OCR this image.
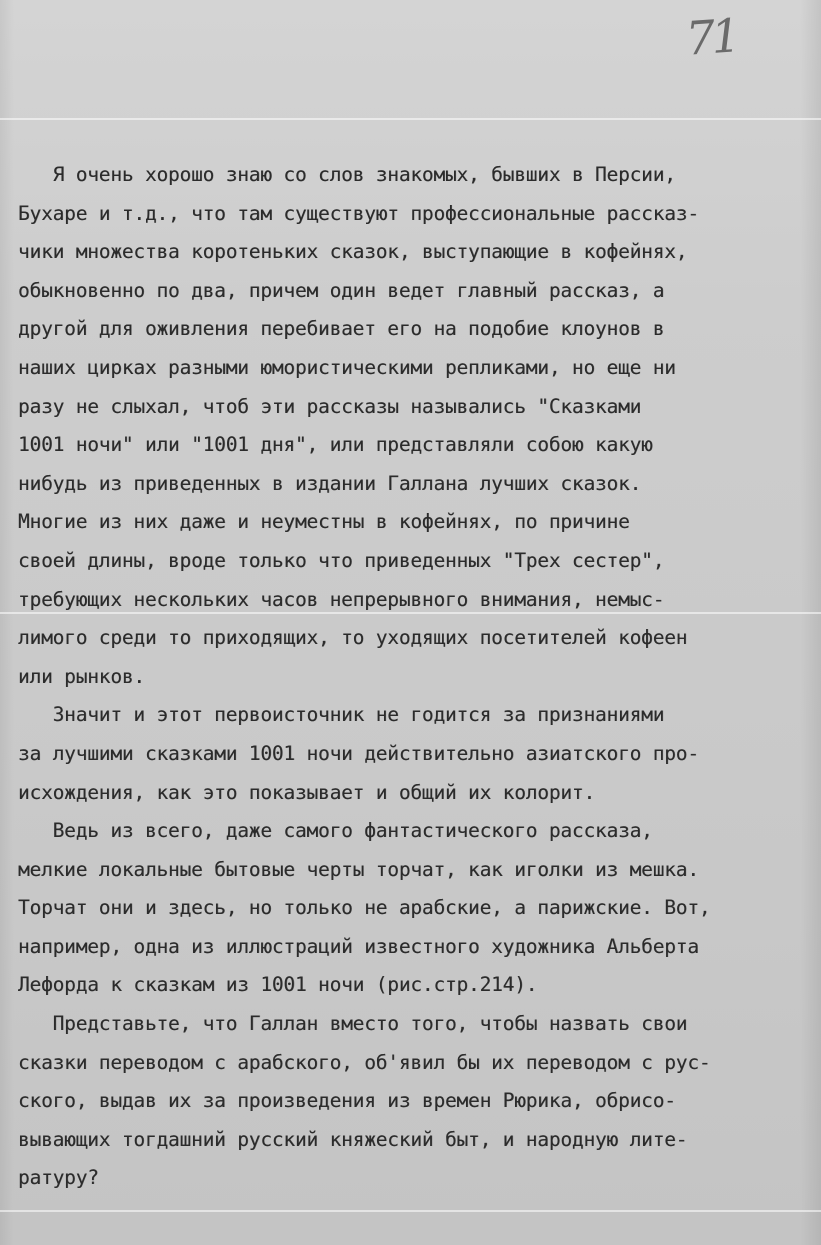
71
Я очень хорошо знаю со слов знакомых, бывших в Персии,
Бухаре и т.д., что там существуют профессиональные рассказ-
чики множества коротеньких сказок, выступающие в кофейнях,
обыкновенно по два, причем один ведет главный рассказ, а
другой для оживления перебивает его на подобие клоунов в
наших цирках разными юмористическими репликами, но еще ни
разу не слыхал, чтоб эти рассказы назывались "Сказками
1001 ночи" или "1001 дня", или представляли собою какую
нибудь из приведенных в издании Галлана лучших сказок.
Многие из них даже и неуместны в кофейнях, по причине
своей длины, вроде только что приведенных "Трех сестер",
требующих нескольких часов непрерывного внимания, немыс-
лимого среди то приходящих, то уходящих посетителей кофеен
или рынков.
Значит и этот первоисточник не годится за признаниями
за лучшими сказками 1001 ночи действительно азиатского про-
исхождения, как это показывает и общий их колорит.
Ведь из всего, даже самого фантастического рассказа,
мелкие локальные бытовые черты торчат, как иголки из мешка.
Торчат они и здесь, но только не арабские, а парижские. Вот,
например, одна из иллюстраций известного художника Альберта
Лефорда к сказкам из 1001 ночи (рис.стр.214).
Представьте, что Галлан вместо того, чтобы назвать свои
сказки переводом с арабского, об'явил бы их переводом с рус-
ского, выдав их за произведения из времен Рюрика, обрисо-
вывающих тогдашний русский княжеский быт, и народную лите-
ратуру?
